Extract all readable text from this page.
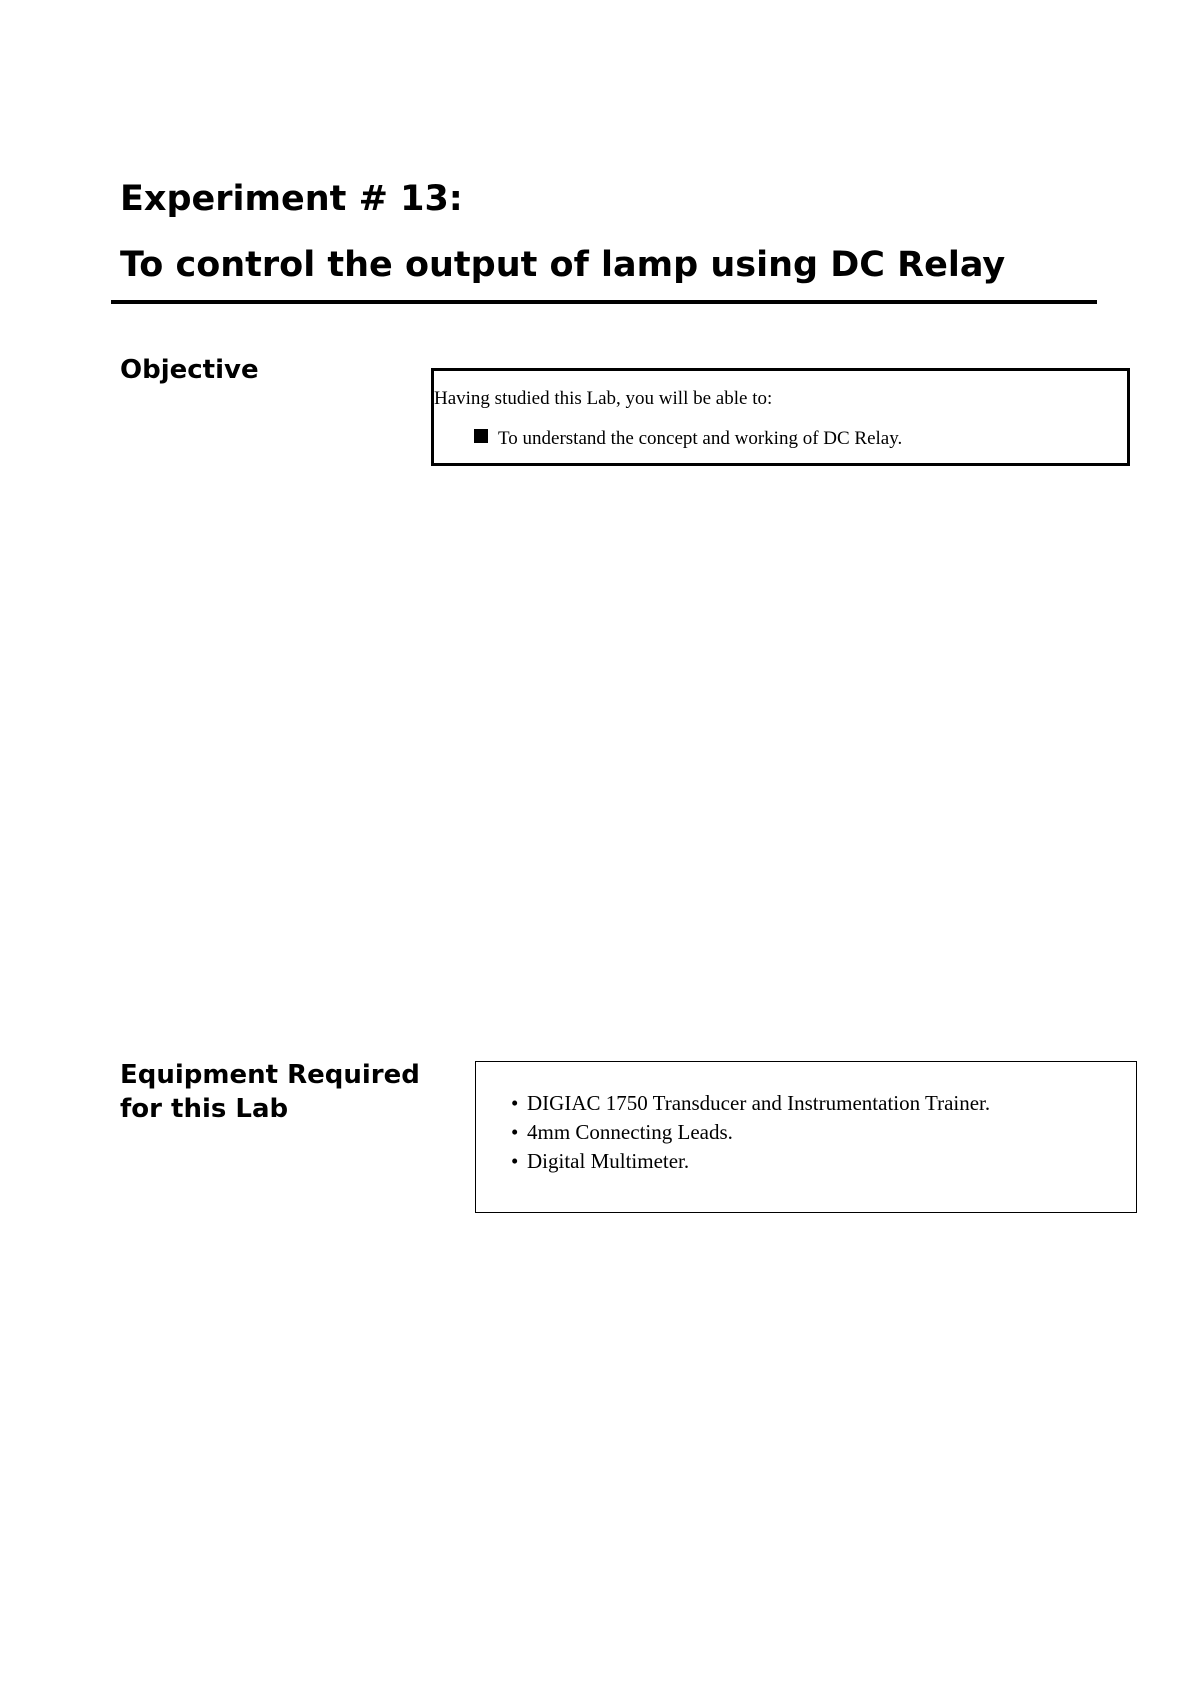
Experiment # 13:
To control the output of lamp using DC Relay
Objective

Having studied this Lab, you will be able to:

To understand the concept and working of DC Relay.
Equipment Required for this Lab	• DIGIAC 1750 Transducer and Instrumentation Trainer.
• 4mm Connecting Leads.
• Digital Multimeter.
